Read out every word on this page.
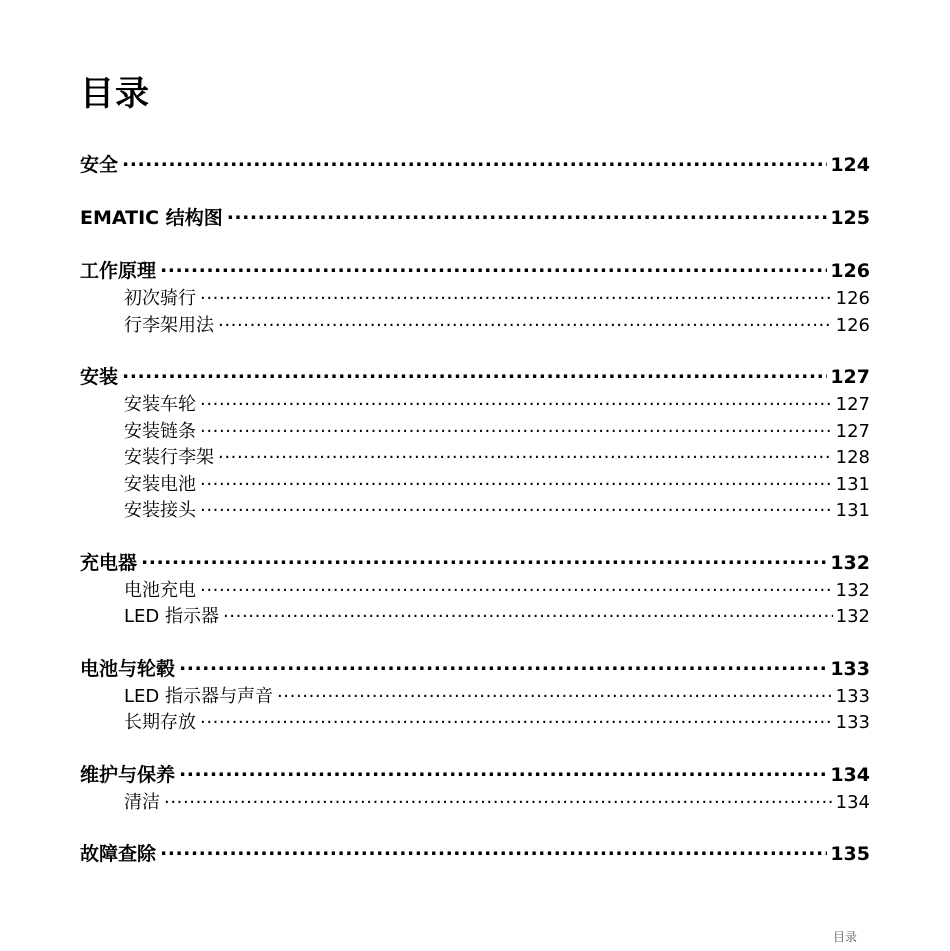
目录
安全 .....	124
EMATIC 结构图 .....	125
工作原理 .....	126
初次骑行 .....	126
行李架用法 .....	126
安装 .....	127
安装车轮 .....	127
安装链条 .....	127
安装行李架 .....	128
安装电池 .....	131
安装接头 .....	131
充电器 .....	132
电池充电 .....	132
LED 指示器 .....	132
电池与轮毂 .....	133
LED 指示器与声音 .....	133
长期存放 .....	133
维护与保养 .....	134
清洁 .....	134
故障查除 .....	135
目录
